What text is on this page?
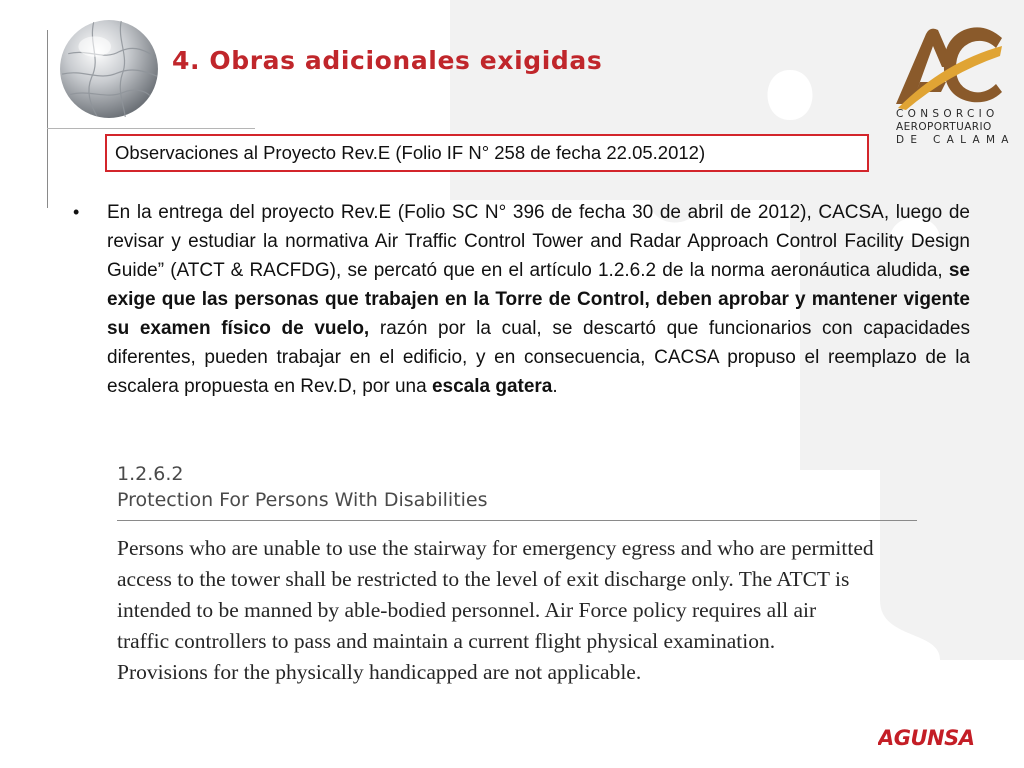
4. Obras adicionales exigidas
CONSORCIO
AEROPORTUARIO
DE CALAMA
Observaciones al Proyecto Rev.E (Folio IF N° 258 de fecha 22.05.2012)
•	En la entrega del proyecto Rev.E (Folio SC N° 396 de fecha 30 de abril de 2012), CACSA, luego de revisar y estudiar la normativa Air Traffic Control Tower and Radar Approach Control Facility Design Guide” (ATCT & RACFDG), se percató que en el artículo 1.2.6.2 de la norma aeronáutica aludida, se exige que las personas que trabajen en la Torre de Control, deben aprobar y mantener vigente su examen físico de vuelo, razón por la cual, se descartó que funcionarios con capacidades diferentes, pueden trabajar en el edificio, y en consecuencia, CACSA propuso el reemplazo de la escalera propuesta en Rev.D, por una escala gatera.
1.2.6.2
Protection For Persons With Disabilities
Persons who are unable to use the stairway for emergency egress and who are permitted
access to the tower shall be restricted to the level of exit discharge only. The ATCT is
intended to be manned by able-bodied personnel. Air Force policy requires all air
traffic controllers to pass and maintain a current flight physical examination.
Provisions for the physically handicapped are not applicable.
AGUNSA
